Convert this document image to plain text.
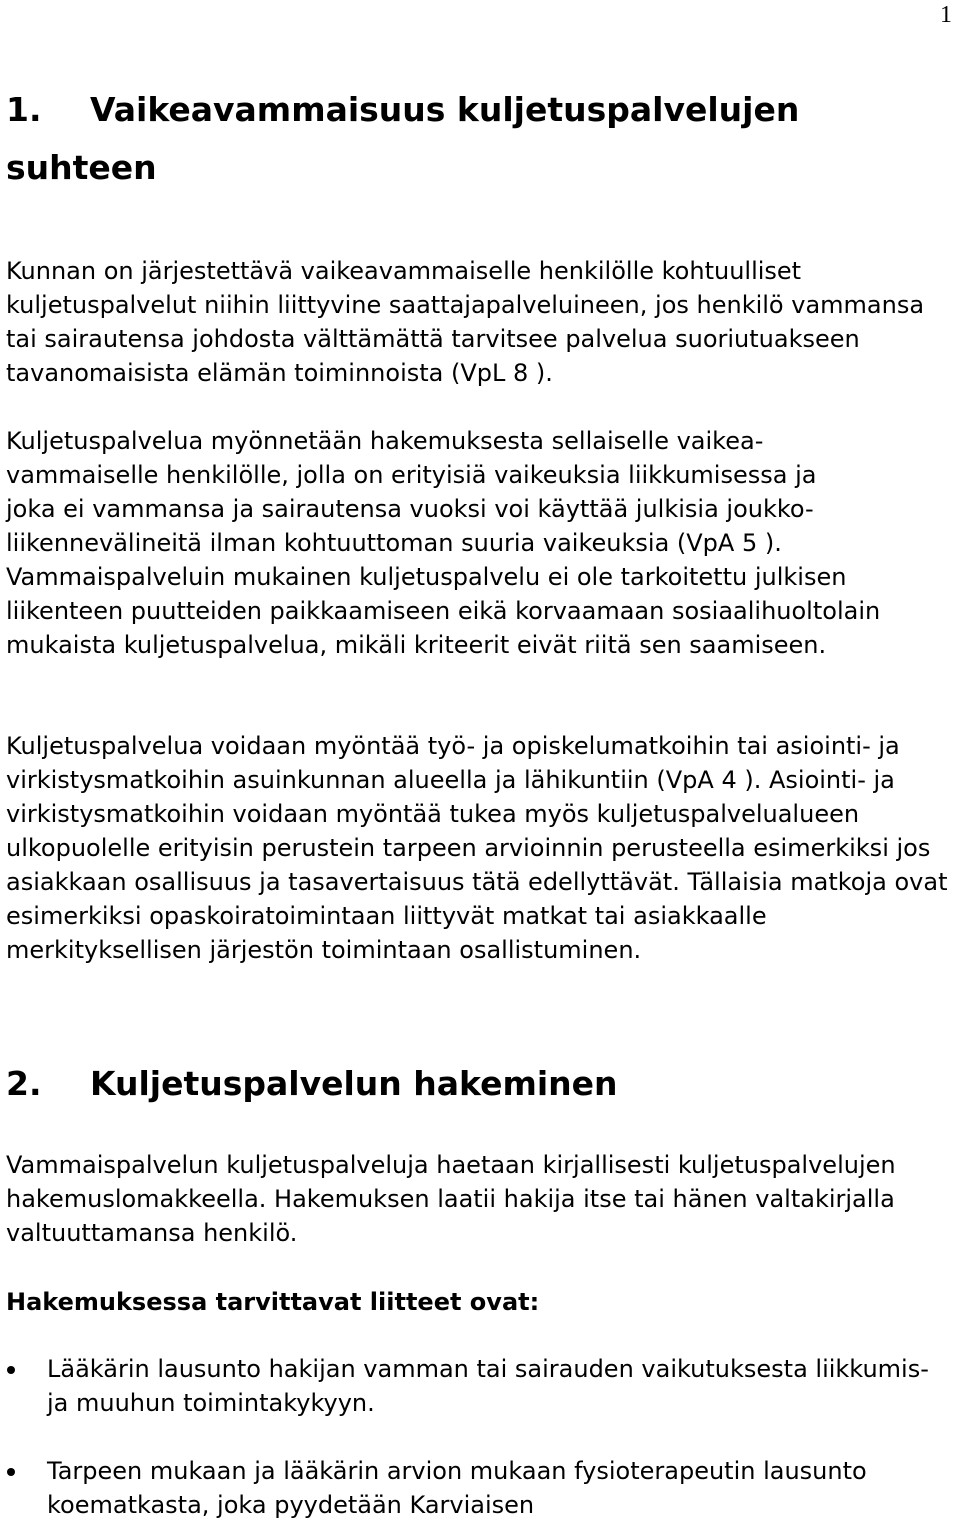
1
1. Vaikeavammaisuus kuljetuspalvelujen
suhteen

Kunnan on järjestettävä vaikeavammaiselle henkilölle kohtuulliset kuljetuspalvelut niihin liittyvine saattajapalveluineen, jos henkilö vammansa tai sairautensa johdosta välttämättä tarvitsee palvelua suoriutuakseen tavanomaisista elämän toiminnoista (VpL 8 ).

Kuljetuspalvelua myönnetään hakemuksesta sellaiselle vaikea-
vammaiselle henkilölle, jolla on erityisiä vaikeuksia liikkumisessa ja
joka ei vammansa ja sairautensa vuoksi voi käyttää julkisia joukko-
liikennevälineitä ilman kohtuuttoman suuria vaikeuksia (VpA 5 ).
Vammaispalveluin mukainen kuljetuspalvelu ei ole tarkoitettu julkisen liikenteen puutteiden paikkaamiseen eikä korvaamaan sosiaalihuoltolain mukaista kuljetuspalvelua, mikäli kriteerit eivät riitä sen saamiseen.

Kuljetuspalvelua voidaan myöntää työ- ja opiskelumatkoihin tai asiointi- ja virkistysmatkoihin asuinkunnan alueella ja lähikuntiin (VpA 4 ). Asiointi- ja virkistysmatkoihin voidaan myöntää tukea myös kuljetuspalvelualueen ulkopuolelle erityisin perustein tarpeen arvioinnin perusteella esimerkiksi jos asiakkaan osallisuus ja tasavertaisuus tätä edellyttävät. Tällaisia matkoja ovat esimerkiksi opaskoiratoimintaan liittyvät matkat tai asiakkaalle merkityksellisen järjestön toimintaan osallistuminen.

2. Kuljetuspalvelun hakeminen

Vammaispalvelun kuljetuspalveluja haetaan kirjallisesti kuljetuspalvelujen hakemuslomakkeella. Hakemuksen laatii hakija itse tai hänen valtakirjalla valtuuttamansa henkilö.

Hakemuksessa tarvittavat liitteet ovat:

Lääkärin lausunto hakijan vamman tai sairauden vaikutuksesta liikkumis- ja muuhun toimintakykyyn.
Tarpeen mukaan ja lääkärin arvion mukaan fysioterapeutin lausunto koematkasta, joka pyydetään Karviaisen
